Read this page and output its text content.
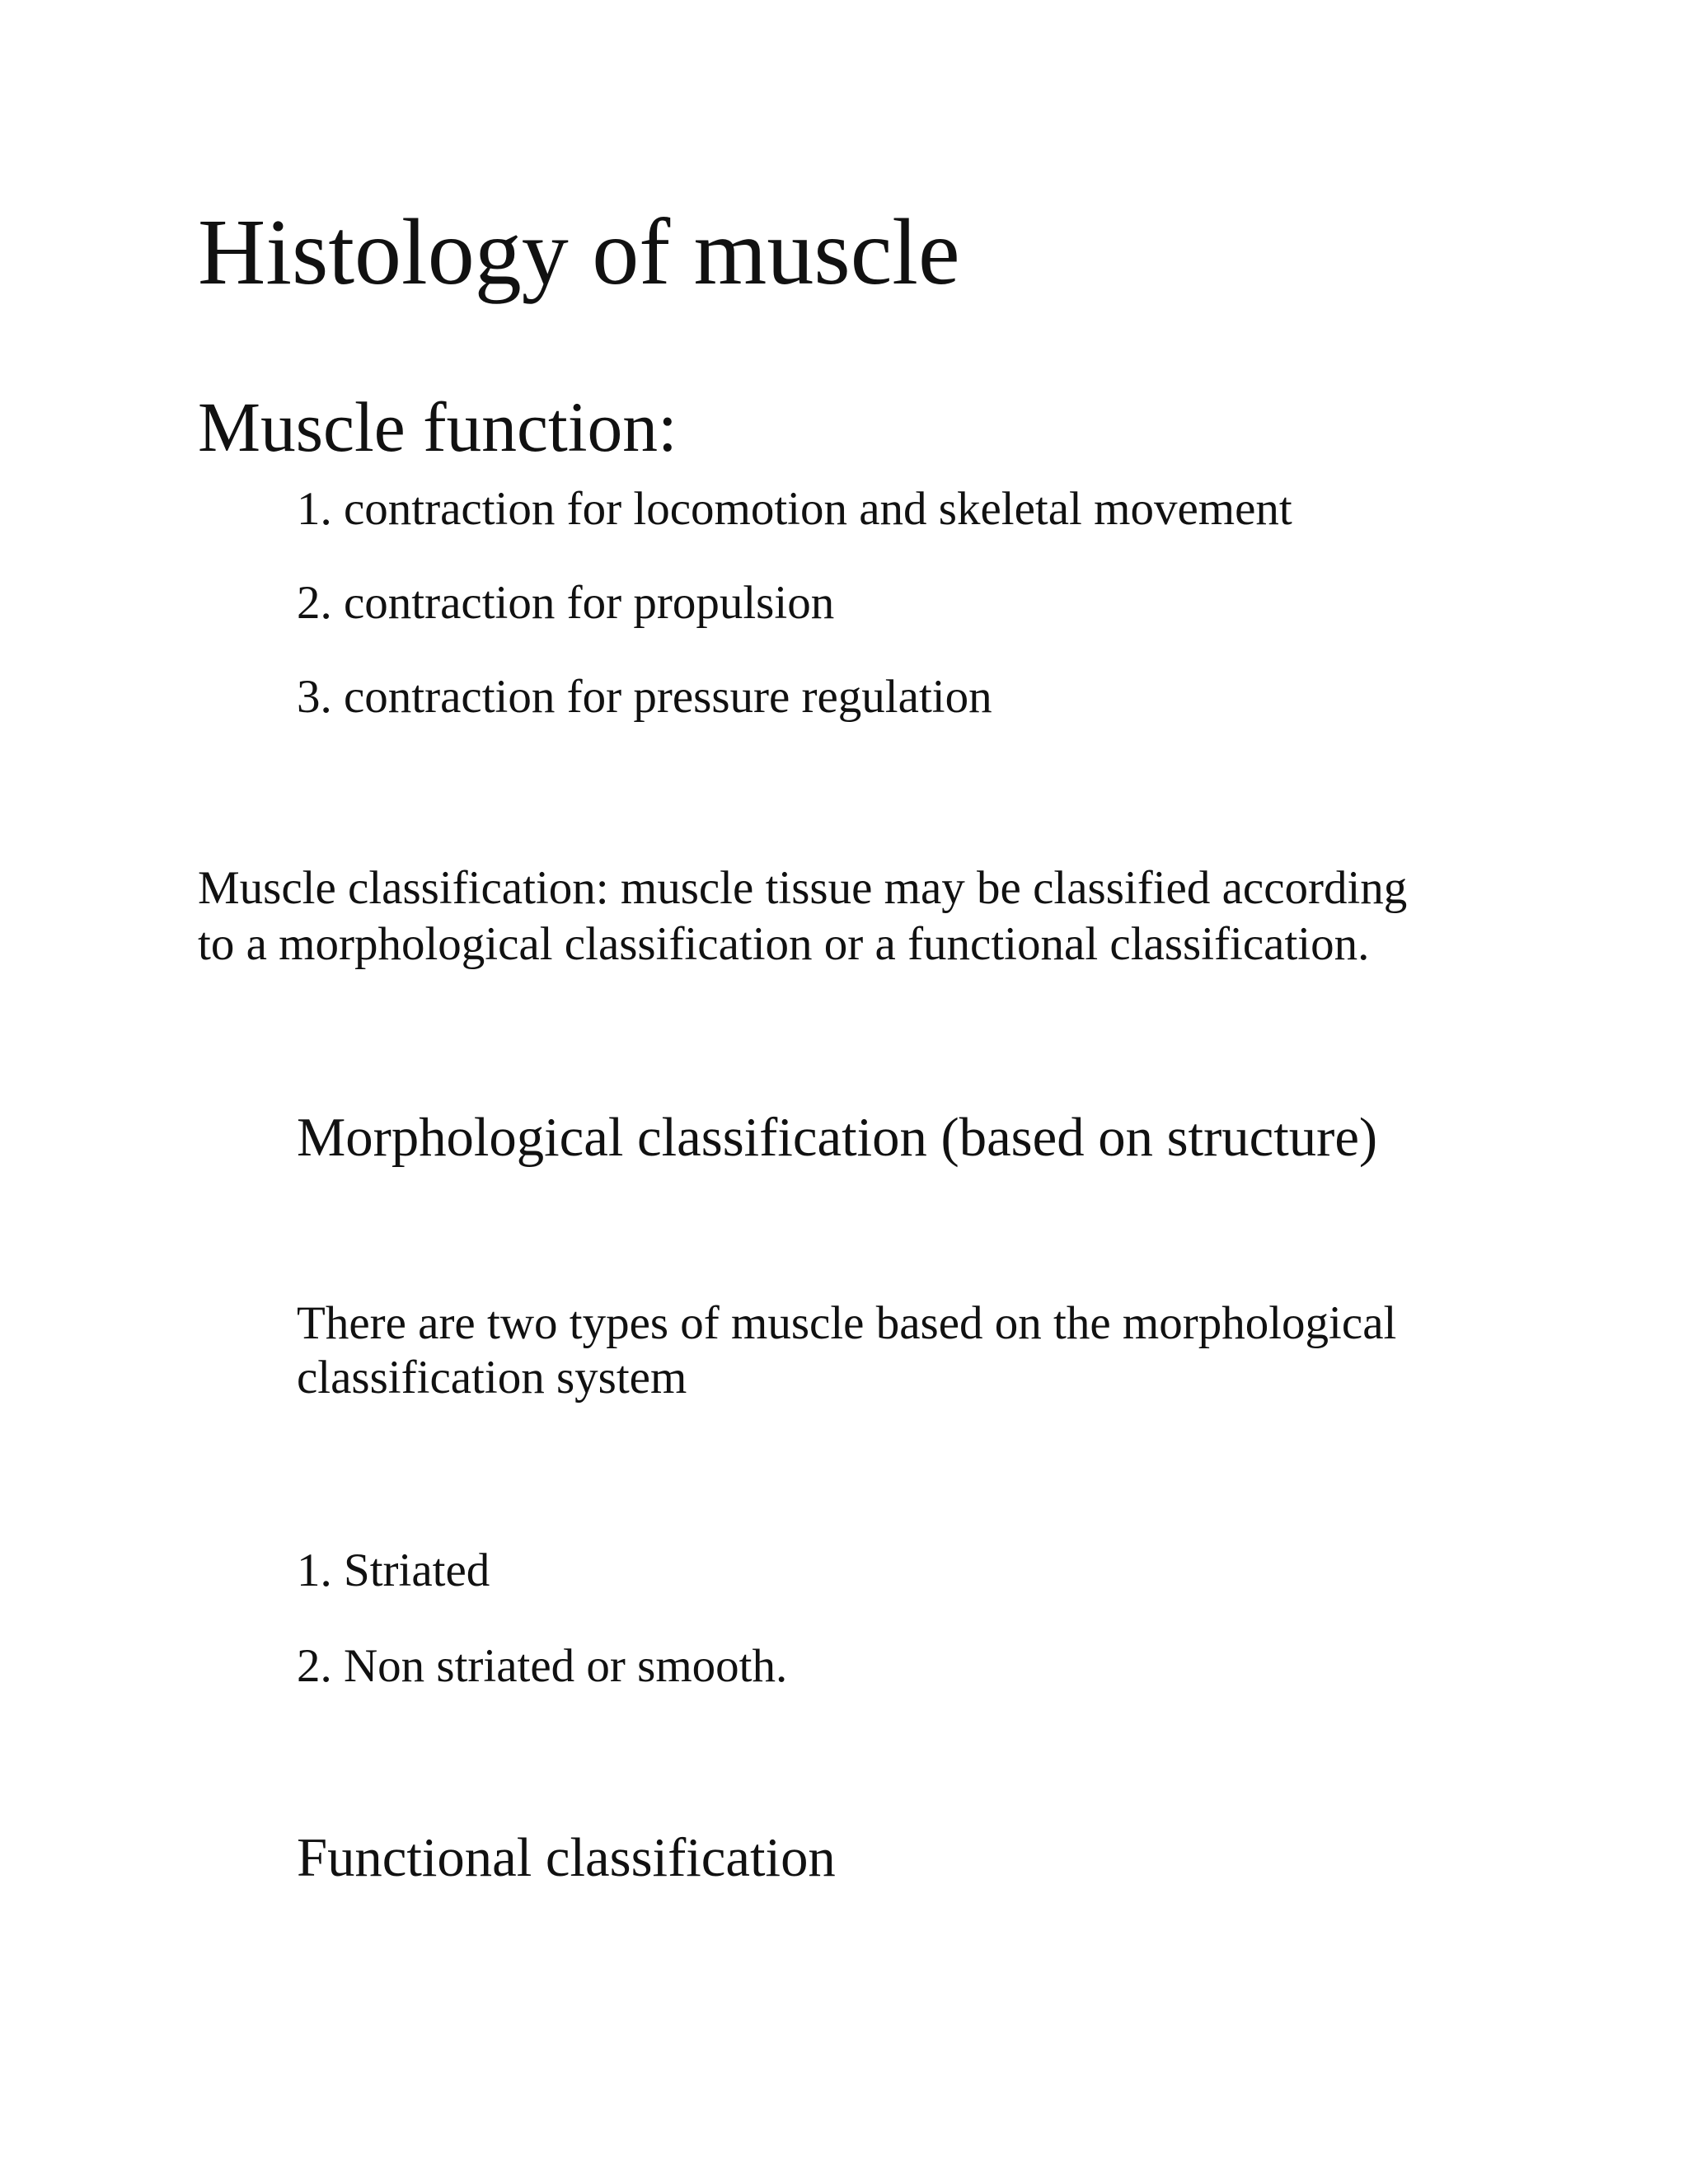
Histology of muscle
Muscle function:

1. contraction for locomotion and skeletal movement

2. contraction for propulsion

3. contraction for pressure regulation

Muscle classification: muscle tissue may be classified according

to a morphological classification or a functional classification.

Morphological classification (based on structure)

There are two types of muscle based on the morphological

classification system

1. Striated

2. Non striated or smooth.

Functional classification
